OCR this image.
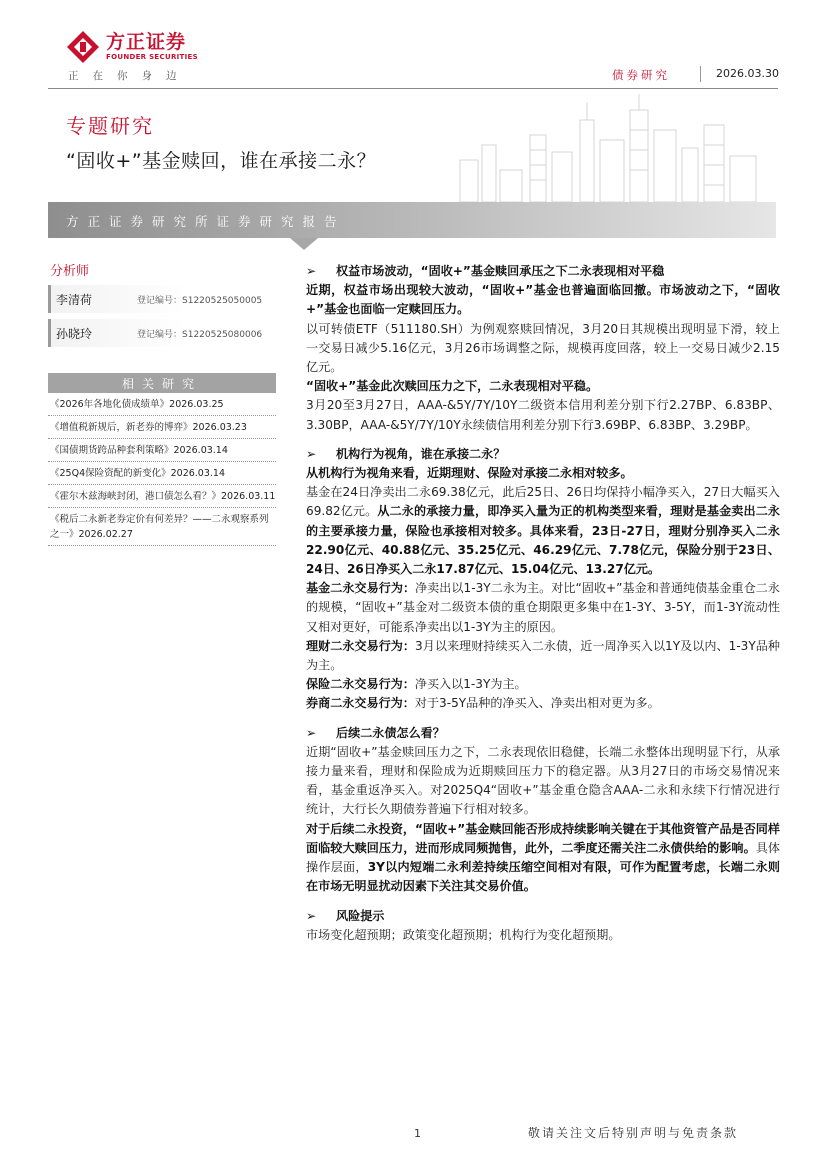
方正证券
FOUNDER SECURITIES
正在你身边	债券研究	2026.03.30
专题研究
“固收+”基金赎回，谁在承接二永？
方正证券研究所证券研究报告
分析师
李清荷	登记编号：S1220525050005
孙晓玲	登记编号：S1220525080006
相关研究
《2026年各地化债成绩单》2026.03.25
《增值税新规后，新老券的博弈》2026.03.23
《国债期货跨品种套利策略》2026.03.14
《25Q4保险资配的新变化》2026.03.14
《霍尔木兹海峡封闭，港口债怎么看？》2026.03.11
《税后二永新老券定价有何差异？——二永观察系列之一》2026.02.27
➢	权益市场波动，“固收+”基金赎回承压之下二永表现相对平稳

近期，权益市场出现较大波动，“固收+”基金也普遍面临回撤。市场波动之下，“固收+”基金也面临一定赎回压力。

以可转债ETF（511180.SH）为例观察赎回情况，3月20日其规模出现明显下滑，较上一交易日减少5.16亿元，3月26市场调整之际，规模再度回落，较上一交易日减少2.15亿元。

“固收+”基金此次赎回压力之下，二永表现相对平稳。

3月20至3月27日，AAA-&5Y/7Y/10Y二级资本信用利差分别下行2.27BP、6.83BP、3.30BP，AAA-&5Y/7Y/10Y永续债信用利差分别下行3.69BP、6.83BP、3.29BP。

➢	机构行为视角，谁在承接二永？

从机构行为视角来看，近期理财、保险对承接二永相对较多。

基金在24日净卖出二永69.38亿元，此后25日、26日均保持小幅净买入，27日大幅买入69.82亿元。从二永的承接力量，即净买入量为正的机构类型来看，理财是基金卖出二永的主要承接力量，保险也承接相对较多。具体来看，23日-27日，理财分别净买入二永22.90亿元、40.88亿元、35.25亿元、46.29亿元、7.78亿元，保险分别于23日、24日、26日净买入二永17.87亿元、15.04亿元、13.27亿元。

基金二永交易行为：净卖出以1-3Y二永为主。对比“固收+”基金和普通纯债基金重仓二永的规模，“固收+”基金对二级资本债的重仓期限更多集中在1-3Y、3-5Y，而1-3Y流动性又相对更好，可能系净卖出以1-3Y为主的原因。

理财二永交易行为：3月以来理财持续买入二永债，近一周净买入以1Y及以内、1-3Y品种为主。

保险二永交易行为：净买入以1-3Y为主。

券商二永交易行为：对于3-5Y品种的净买入、净卖出相对更为多。

➢	后续二永债怎么看？

近期“固收+”基金赎回压力之下，二永表现依旧稳健，长端二永整体出现明显下行，从承接力量来看，理财和保险成为近期赎回压力下的稳定器。从3月27日的市场交易情况来看，基金重返净买入。对2025Q4“固收+”基金重仓隐含AAA-二永和永续下行情况进行统计，大行长久期债券普遍下行相对较多。

对于后续二永投资，“固收+”基金赎回能否形成持续影响关键在于其他资管产品是否同样面临较大赎回压力，进而形成同频抛售，此外，二季度还需关注二永债供给的影响。具体操作层面，3Y以内短端二永利差持续压缩空间相对有限，可作为配置考虑，长端二永则在市场无明显扰动因素下关注其交易价值。

➢	风险提示

市场变化超预期；政策变化超预期；机构行为变化超预期。

1	敬请关注文后特别声明与免责条款
